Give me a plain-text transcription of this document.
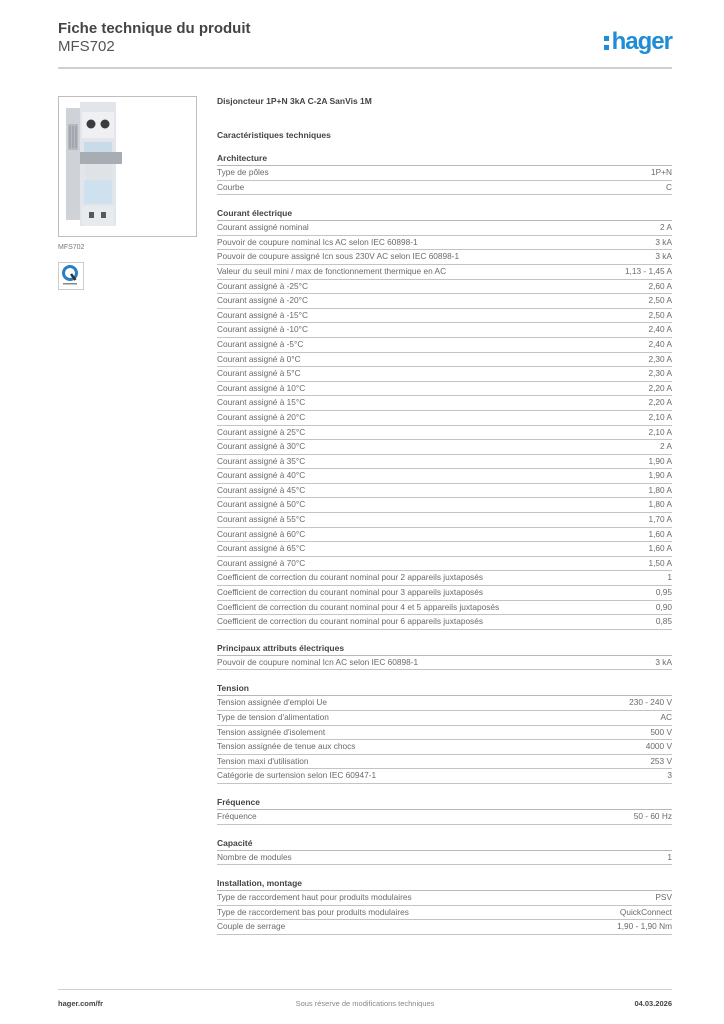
Fiche technique du produit
MFS702	hager
MFS702
Disjoncteur 1P+N 3kA C-2A SanVis 1M
Caractéristiques techniques
Architecture
Type de pôles	1P+N
Courbe	C
Courant électrique
Courant assigné nominal	2 A
Pouvoir de coupure nominal Ics AC selon IEC 60898-1	3 kA
Pouvoir de coupure assigné Icn sous 230V AC selon IEC 60898-1	3 kA
Valeur du seuil mini / max de fonctionnement thermique en AC	1,13 - 1,45 A
Courant assigné à -25°C	2,60 A
Courant assigné à -20°C	2,50 A
Courant assigné à -15°C	2,50 A
Courant assigné à -10°C	2,40 A
Courant assigné à -5°C	2,40 A
Courant assigné à 0°C	2,30 A
Courant assigné à 5°C	2,30 A
Courant assigné à 10°C	2,20 A
Courant assigné à 15°C	2,20 A
Courant assigné à 20°C	2,10 A
Courant assigné à 25°C	2,10 A
Courant assigné à 30°C	2 A
Courant assigné à 35°C	1,90 A
Courant assigné à 40°C	1,90 A
Courant assigné à 45°C	1,80 A
Courant assigné à 50°C	1,80 A
Courant assigné à 55°C	1,70 A
Courant assigné à 60°C	1,60 A
Courant assigné à 65°C	1,60 A
Courant assigné à 70°C	1,50 A
Coefficient de correction du courant nominal pour 2 appareils juxtaposés	1
Coefficient de correction du courant nominal pour 3 appareils juxtaposés	0,95
Coefficient de correction du courant nominal pour 4 et 5 appareils juxtaposés	0,90
Coefficient de correction du courant nominal pour 6 appareils juxtaposés	0,85
Principaux attributs électriques
Pouvoir de coupure nominal Icn AC selon IEC 60898-1	3 kA
Tension
Tension assignée d'emploi Ue	230 - 240 V
Type de tension d'alimentation	AC
Tension assignée d'isolement	500 V
Tension assignée de tenue aux chocs	4000 V
Tension maxi d'utilisation	253 V
Catégorie de surtension selon IEC 60947-1	3
Fréquence
Fréquence	50 - 60 Hz
Capacité
Nombre de modules	1
Installation, montage
Type de raccordement haut pour produits modulaires	PSV
Type de raccordement bas pour produits modulaires	QuickConnect
Couple de serrage	1,90 - 1,90 Nm
hager.com/fr	Sous réserve de modifications techniques	04.03.2026
